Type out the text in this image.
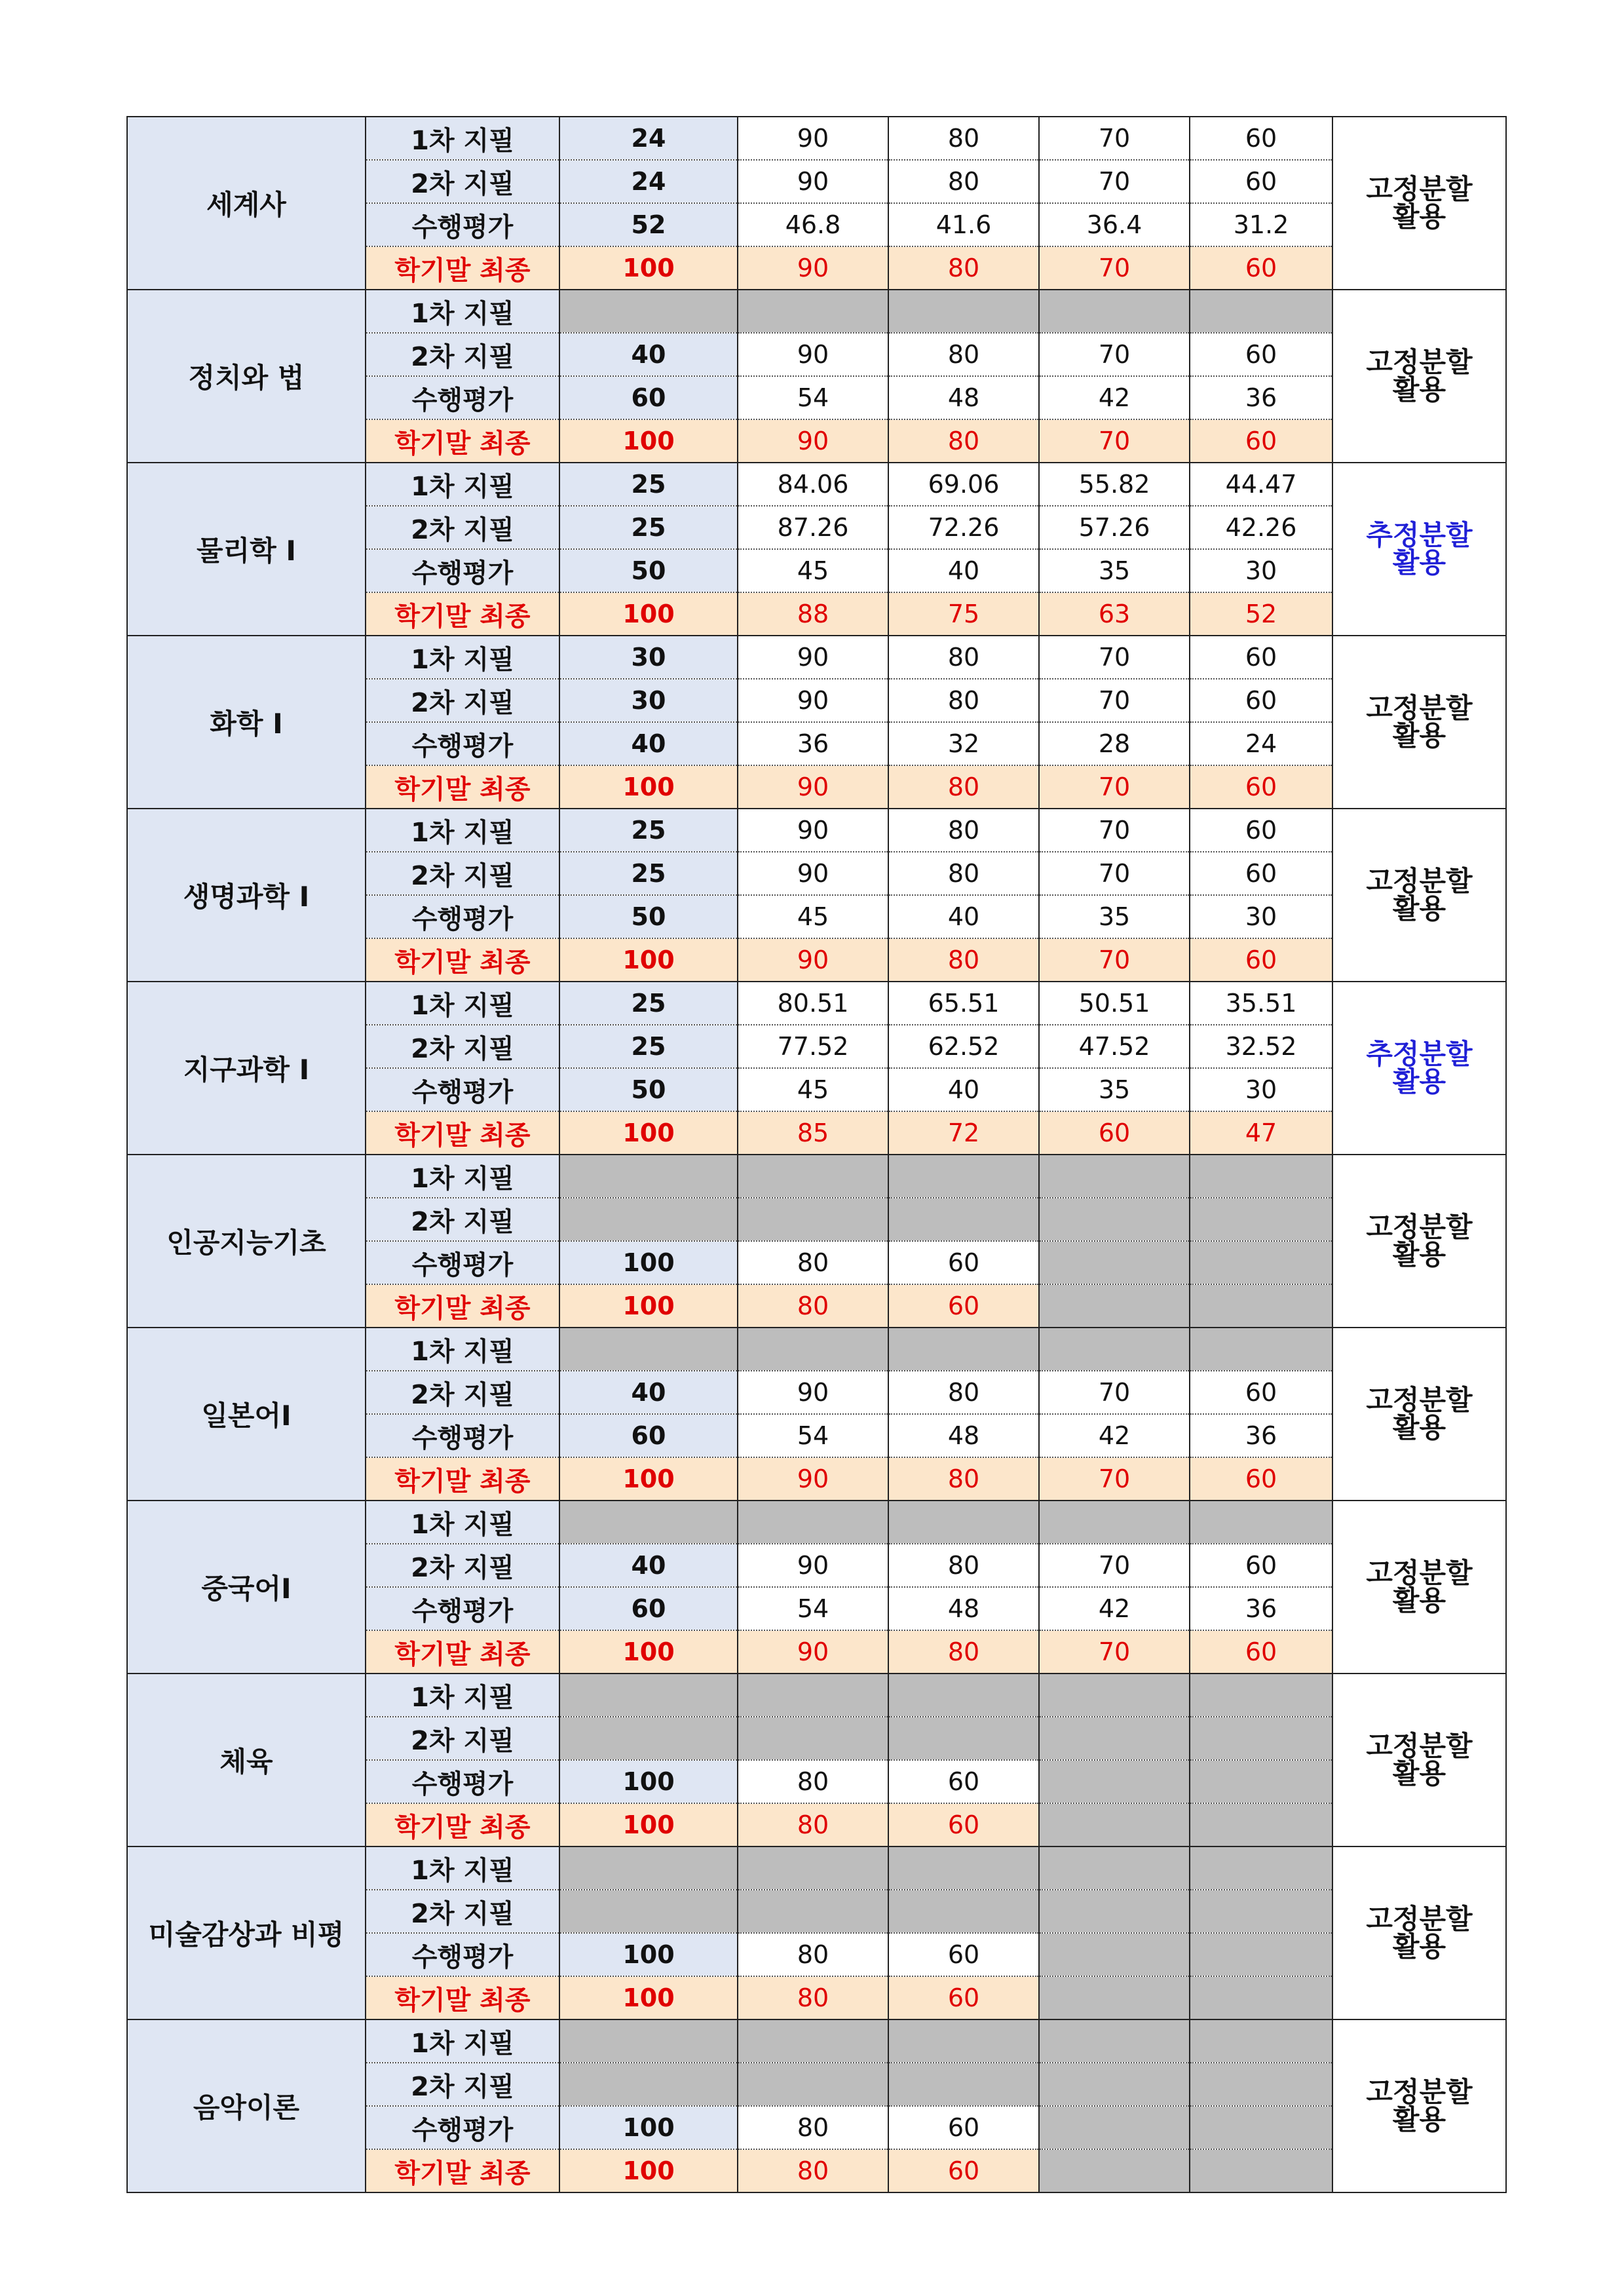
세계사	1차 지필	24	90	80	70	60	고정분할
활용
	2차 지필	24	90	80	70	60	
	수행평가	52	46.8	41.6	36.4	31.2	
	학기말 최종	100	90	80	70	60	
정치와 법	1차 지필						고정분할
활용
	2차 지필	40	90	80	70	60	
	수행평가	60	54	48	42	36	
	학기말 최종	100	90	80	70	60	
물리학 Ⅰ	1차 지필	25	84.06	69.06	55.82	44.47	추정분할
활용
	2차 지필	25	87.26	72.26	57.26	42.26	
	수행평가	50	45	40	35	30	
	학기말 최종	100	88	75	63	52	
화학 Ⅰ	1차 지필	30	90	80	70	60	고정분할
활용
	2차 지필	30	90	80	70	60	
	수행평가	40	36	32	28	24	
	학기말 최종	100	90	80	70	60	
생명과학 Ⅰ	1차 지필	25	90	80	70	60	고정분할
활용
	2차 지필	25	90	80	70	60	
	수행평가	50	45	40	35	30	
	학기말 최종	100	90	80	70	60	
지구과학 Ⅰ	1차 지필	25	80.51	65.51	50.51	35.51	추정분할
활용
	2차 지필	25	77.52	62.52	47.52	32.52	
	수행평가	50	45	40	35	30	
	학기말 최종	100	85	72	60	47	
인공지능기초	1차 지필						고정분할
활용
	2차 지필						
	수행평가	100	80	60			
	학기말 최종	100	80	60			
일본어Ⅰ	1차 지필						고정분할
활용
	2차 지필	40	90	80	70	60	
	수행평가	60	54	48	42	36	
	학기말 최종	100	90	80	70	60	
중국어Ⅰ	1차 지필						고정분할
활용
	2차 지필	40	90	80	70	60	
	수행평가	60	54	48	42	36	
	학기말 최종	100	90	80	70	60	
체육	1차 지필						고정분할
활용
	2차 지필						
	수행평가	100	80	60			
	학기말 최종	100	80	60			
미술감상과 비평	1차 지필						고정분할
활용
	2차 지필						
	수행평가	100	80	60			
	학기말 최종	100	80	60			
음악이론	1차 지필						고정분할
활용
	2차 지필						
	수행평가	100	80	60			
	학기말 최종	100	80	60			
